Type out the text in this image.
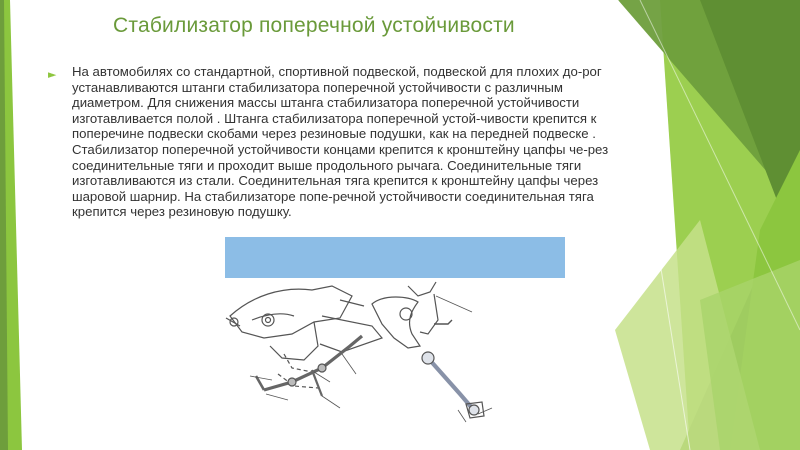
Стабилизатор поперечной устойчивости
► На автомобилях со стандартной, спортивной подвеской, подвеской для плохих до-рог устанавливаются штанги стабилизатора поперечной устойчивости с различным диаметром. Для снижения массы штанга стабилизатора поперечной устойчивости изготавливается полой . Штанга стабилизатора поперечной устой-чивости крепится к поперечине подвески скобами через резиновые подушки, как на передней подвеске . Стабилизатор поперечной устойчивости концами крепится к кронштейну цапфы че-рез соединительные тяги и проходит выше продольного рычага. Соединительные тяги изготавливаются из стали. Соединительная тяга крепится к кронштейну цапфы через шаровой шарнир. На стабилизаторе попе-речной устойчивости соединительная тяга крепится через резиновую подушку.
